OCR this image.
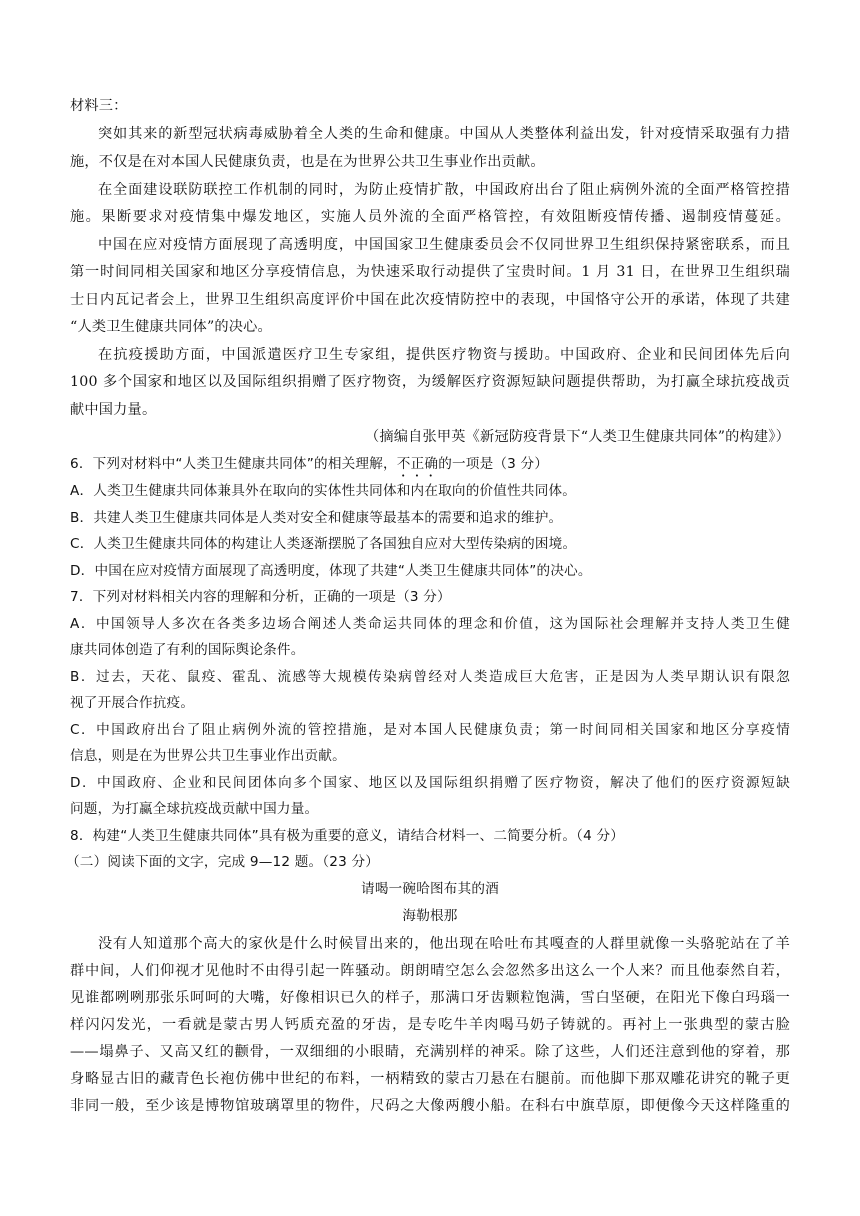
材料三：
突如其来的新型冠状病毒威胁着全人类的生命和健康。中国从人类整体利益出发，针对疫情采取强有力措
施，不仅是在对本国人民健康负责，也是在为世界公共卫生事业作出贡献。
在全面建设联防联控工作机制的同时，为防止疫情扩散，中国政府出台了阻止病例外流的全面严格管控措
施。果断要求对疫情集中爆发地区，实施人员外流的全面严格管控，有效阻断疫情传播、遏制疫情蔓延。
中国在应对疫情方面展现了高透明度，中国国家卫生健康委员会不仅同世界卫生组织保持紧密联系，而且
第一时间同相关国家和地区分享疫情信息，为快速采取行动提供了宝贵时间。1 月 31 日，在世界卫生组织瑞
士日内瓦记者会上，世界卫生组织高度评价中国在此次疫情防控中的表现，中国恪守公开的承诺，体现了共建
“人类卫生健康共同体”的决心。
在抗疫援助方面，中国派遣医疗卫生专家组，提供医疗物资与援助。中国政府、企业和民间团体先后向
100 多个国家和地区以及国际组织捐赠了医疗物资，为缓解医疗资源短缺问题提供帮助，为打赢全球抗疫战贡
献中国力量。
（摘编自张甲英《新冠防疫背景下“人类卫生健康共同体”的构建》）
6．下列对材料中“人类卫生健康共同体”的相关理解，不正确的一项是（3 分）
A．人类卫生健康共同体兼具外在取向的实体性共同体和内在取向的价值性共同体。
B．共建人类卫生健康共同体是人类对安全和健康等最基本的需要和追求的维护。
C．人类卫生健康共同体的构建让人类逐渐摆脱了各国独自应对大型传染病的困境。
D．中国在应对疫情方面展现了高透明度，体现了共建“人类卫生健康共同体”的决心。
7．下列对材料相关内容的理解和分析，正确的一项是（3 分）
A．中国领导人多次在各类多边场合阐述人类命运共同体的理念和价值，这为国际社会理解并支持人类卫生健
康共同体创造了有利的国际舆论条件。
B．过去，天花、鼠疫、霍乱、流感等大规模传染病曾经对人类造成巨大危害，正是因为人类早期认识有限忽
视了开展合作抗疫。
C．中国政府出台了阻止病例外流的管控措施，是对本国人民健康负责；第一时间同相关国家和地区分享疫情
信息，则是在为世界公共卫生事业作出贡献。
D．中国政府、企业和民间团体向多个国家、地区以及国际组织捐赠了医疗物资，解决了他们的医疗资源短缺
问题，为打赢全球抗疫战贡献中国力量。
8．构建“人类卫生健康共同体”具有极为重要的意义，请结合材料一、二简要分析。（4 分）
（二）阅读下面的文字，完成 9—12 题。（23 分）
请喝一碗哈图布其的酒
海勒根那
没有人知道那个高大的家伙是什么时候冒出来的，他出现在哈吐布其嘎查的人群里就像一头骆驼站在了羊
群中间，人们仰视才见他时不由得引起一阵骚动。朗朗晴空怎么会忽然多出这么一个人来？而且他泰然自若，
见谁都咧咧那张乐呵呵的大嘴，好像相识已久的样子，那满口牙齿颗粒饱满，雪白坚硬，在阳光下像白玛瑙一
样闪闪发光，一看就是蒙古男人钙质充盈的牙齿，是专吃牛羊肉喝马奶子铸就的。再衬上一张典型的蒙古脸
——塌鼻子、又高又红的颧骨，一双细细的小眼睛，充满别样的神采。除了这些，人们还注意到他的穿着，那
身略显古旧的藏青色长袍仿佛中世纪的布料，一柄精致的蒙古刀悬在右腿前。而他脚下那双雕花讲究的靴子更
非同一般，至少该是博物馆玻璃罩里的物件，尺码之大像两艘小船。在科右中旗草原，即便像今天这样隆重的
